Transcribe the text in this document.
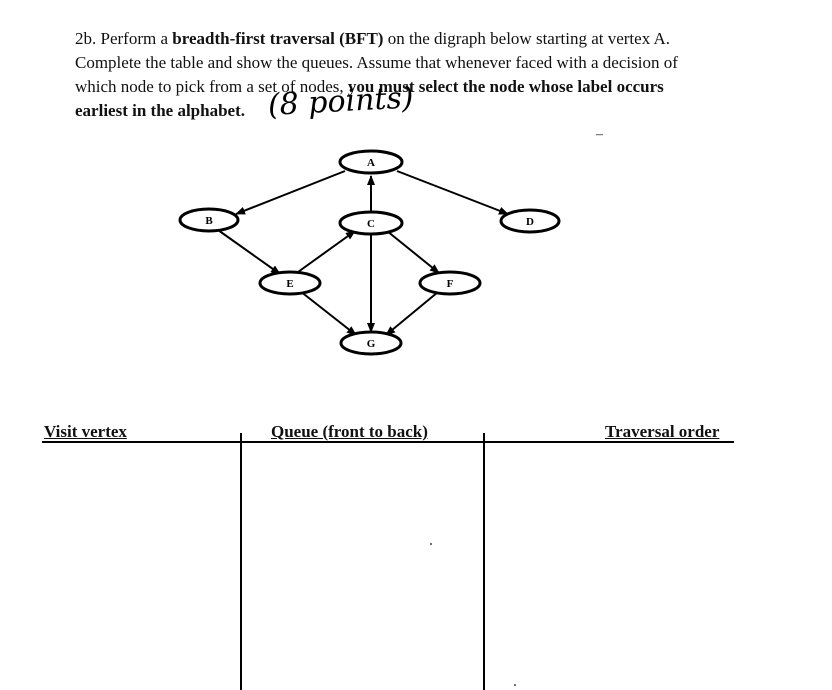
2b. Perform a breadth-first traversal (BFT) on the digraph below starting at vertex A.
Complete the table and show the queues. Assume that whenever faced with a decision of
which node to pick from a set of nodes, you must select the node whose label occurs
earliest in the alphabet. (8 points)
–
A
B	C	D
E	F
G
Visit vertex	Queue (front to back)	Traversal order
